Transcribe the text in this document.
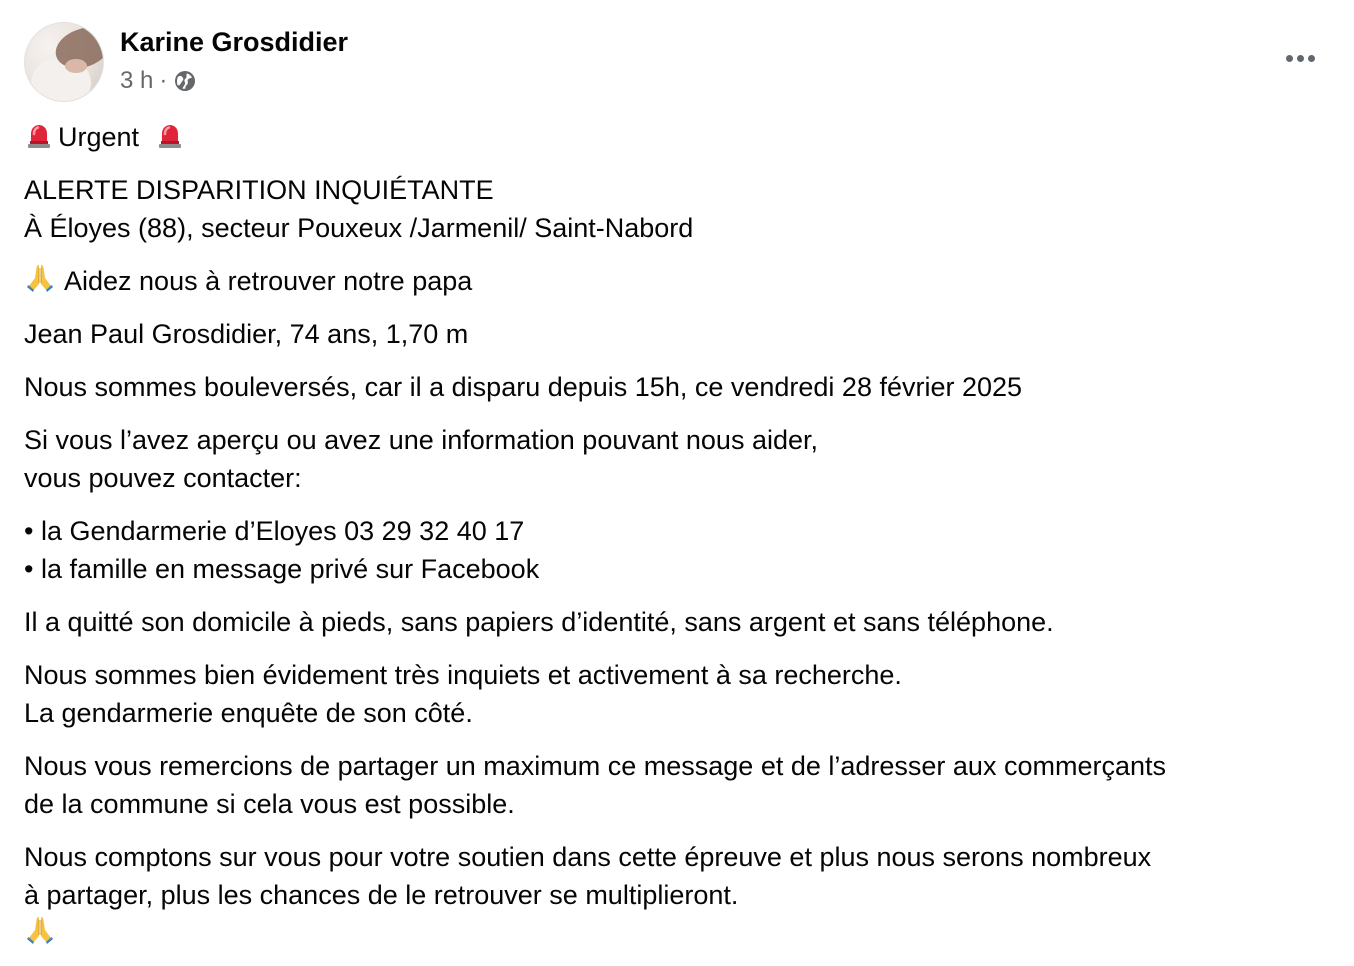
Karine Grosdidier
3 h ·

Urgent

ALERTE DISPARITION INQUIÉTANTE
À Éloyes (88), secteur Pouxeux /Jarmenil/ Saint-Nabord

Aidez nous à retrouver notre papa

Jean Paul Grosdidier, 74 ans, 1,70 m

Nous sommes bouleversés, car il a disparu depuis 15h, ce vendredi 28 février 2025

Si vous l’avez aperçu ou avez une information pouvant nous aider,
vous pouvez contacter:

• la Gendarmerie d’Eloyes 03 29 32 40 17
• la famille en message privé sur Facebook

Il a quitté son domicile à pieds, sans papiers d’identité, sans argent et sans téléphone.

Nous sommes bien évidement très inquiets et activement à sa recherche.
La gendarmerie enquête de son côté.

Nous vous remercions de partager un maximum ce message et de l’adresser aux commerçants
de la commune si cela vous est possible.

Nous comptons sur vous pour votre soutien dans cette épreuve et plus nous serons nombreux
à partager, plus les chances de le retrouver se multiplieront.
